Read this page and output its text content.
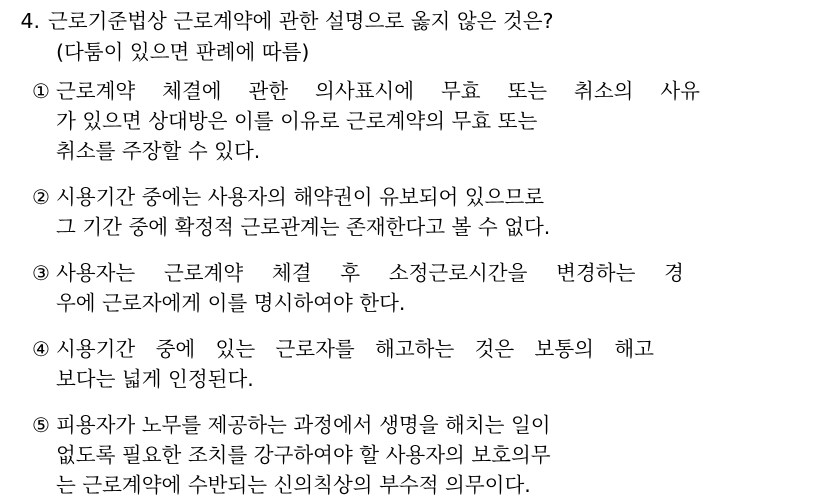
4. 근로기준법상 근로계약에 관한 설명으로 옳지 않은 것은?
(다툼이 있으면 판례에 따름)
① 근로계약 체결에 관한 의사표시에 무효 또는 취소의 사유
가 있으면 상대방은 이를 이유로 근로계약의 무효 또는
취소를 주장할 수 있다.
② 시용기간 중에는 사용자의 해약권이 유보되어 있으므로
그 기간 중에 확정적 근로관계는 존재한다고 볼 수 없다.
③ 사용자는 근로계약 체결 후 소정근로시간을 변경하는 경
우에 근로자에게 이를 명시하여야 한다.
④ 시용기간 중에 있는 근로자를 해고하는 것은 보통의 해고
보다는 넓게 인정된다.
⑤ 피용자가 노무를 제공하는 과정에서 생명을 해치는 일이
없도록 필요한 조치를 강구하여야 할 사용자의 보호의무
는 근로계약에 수반되는 신의칙상의 부수적 의무이다.
